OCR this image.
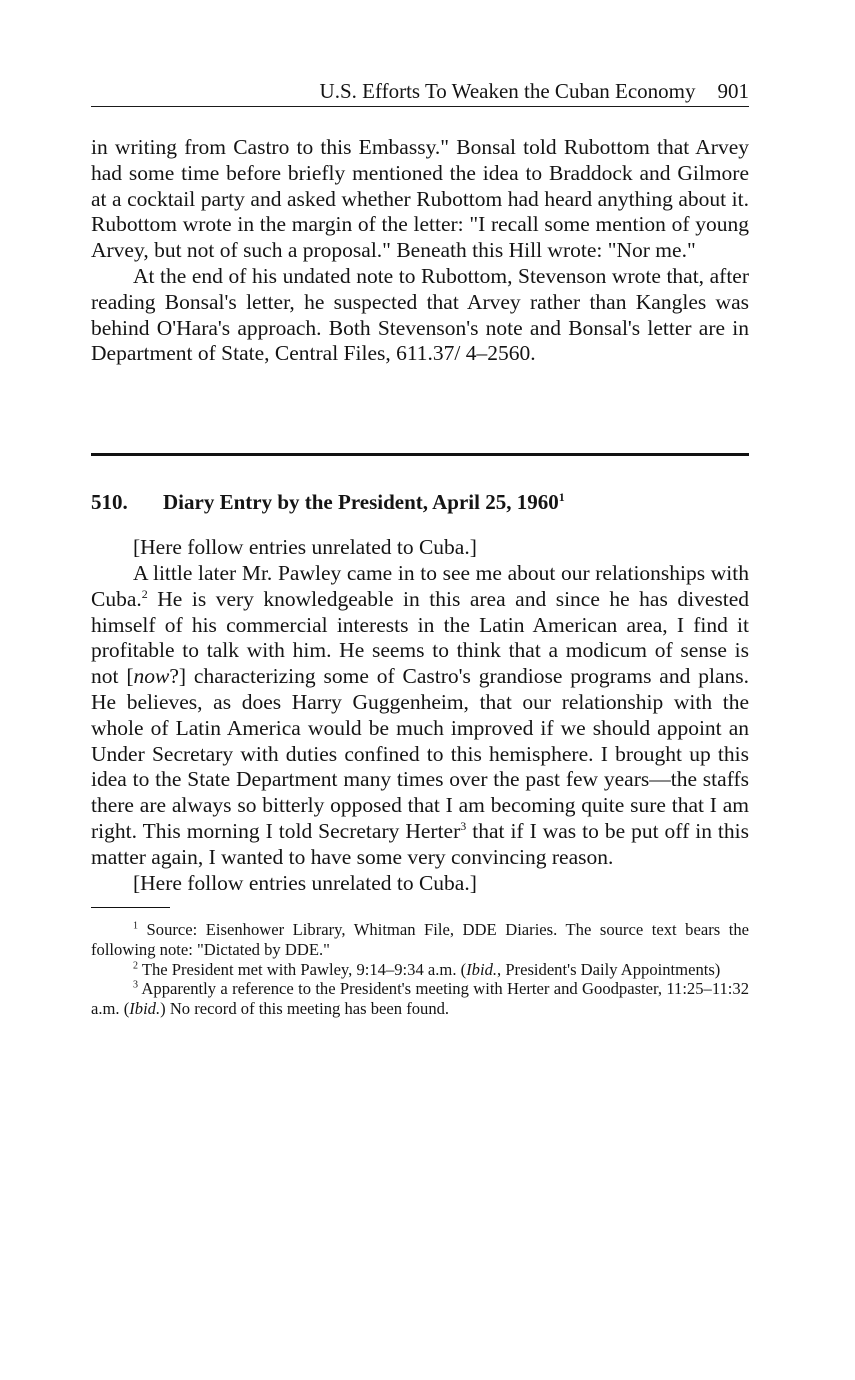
U.S. Efforts To Weaken the Cuban Economy 901

in writing from Castro to this Embassy." Bonsal told Rubottom that Arvey had some time before briefly mentioned the idea to Braddock and Gilmore at a cocktail party and asked whether Rubottom had heard anything about it. Rubottom wrote in the margin of the letter: "I recall some mention of young Arvey, but not of such a proposal." Beneath this Hill wrote: "Nor me."

At the end of his undated note to Rubottom, Stevenson wrote that, after reading Bonsal's letter, he suspected that Arvey rather than Kangles was behind O'Hara's approach. Both Stevenson's note and Bonsal's letter are in Department of State, Central Files, 611.37/ 4–2560.

510.	Diary Entry by the President, April 25, 1960$^1$

[Here follow entries unrelated to Cuba.]

A little later Mr. Pawley came in to see me about our relationships with Cuba.$^2$ He is very knowledgeable in this area and since he has divested himself of his commercial interests in the Latin American area, I find it profitable to talk with him. He seems to think that a modicum of sense is not [now?] characterizing some of Castro's grandiose programs and plans. He believes, as does Harry Guggenheim, that our relationship with the whole of Latin America would be much improved if we should appoint an Under Secretary with duties confined to this hemisphere. I brought up this idea to the State Department many times over the past few years—the staffs there are always so bitterly opposed that I am becoming quite sure that I am right. This morning I told Secretary Herter$^3$ that if I was to be put off in this matter again, I wanted to have some very convincing reason.

[Here follow entries unrelated to Cuba.]

$^1$ Source: Eisenhower Library, Whitman File, DDE Diaries. The source text bears the following note: "Dictated by DDE."

$^2$ The President met with Pawley, 9:14–9:34 a.m. (Ibid., President's Daily Appointments)

$^3$ Apparently a reference to the President's meeting with Herter and Goodpaster, 11:25–11:32 a.m. (Ibid.) No record of this meeting has been found.
